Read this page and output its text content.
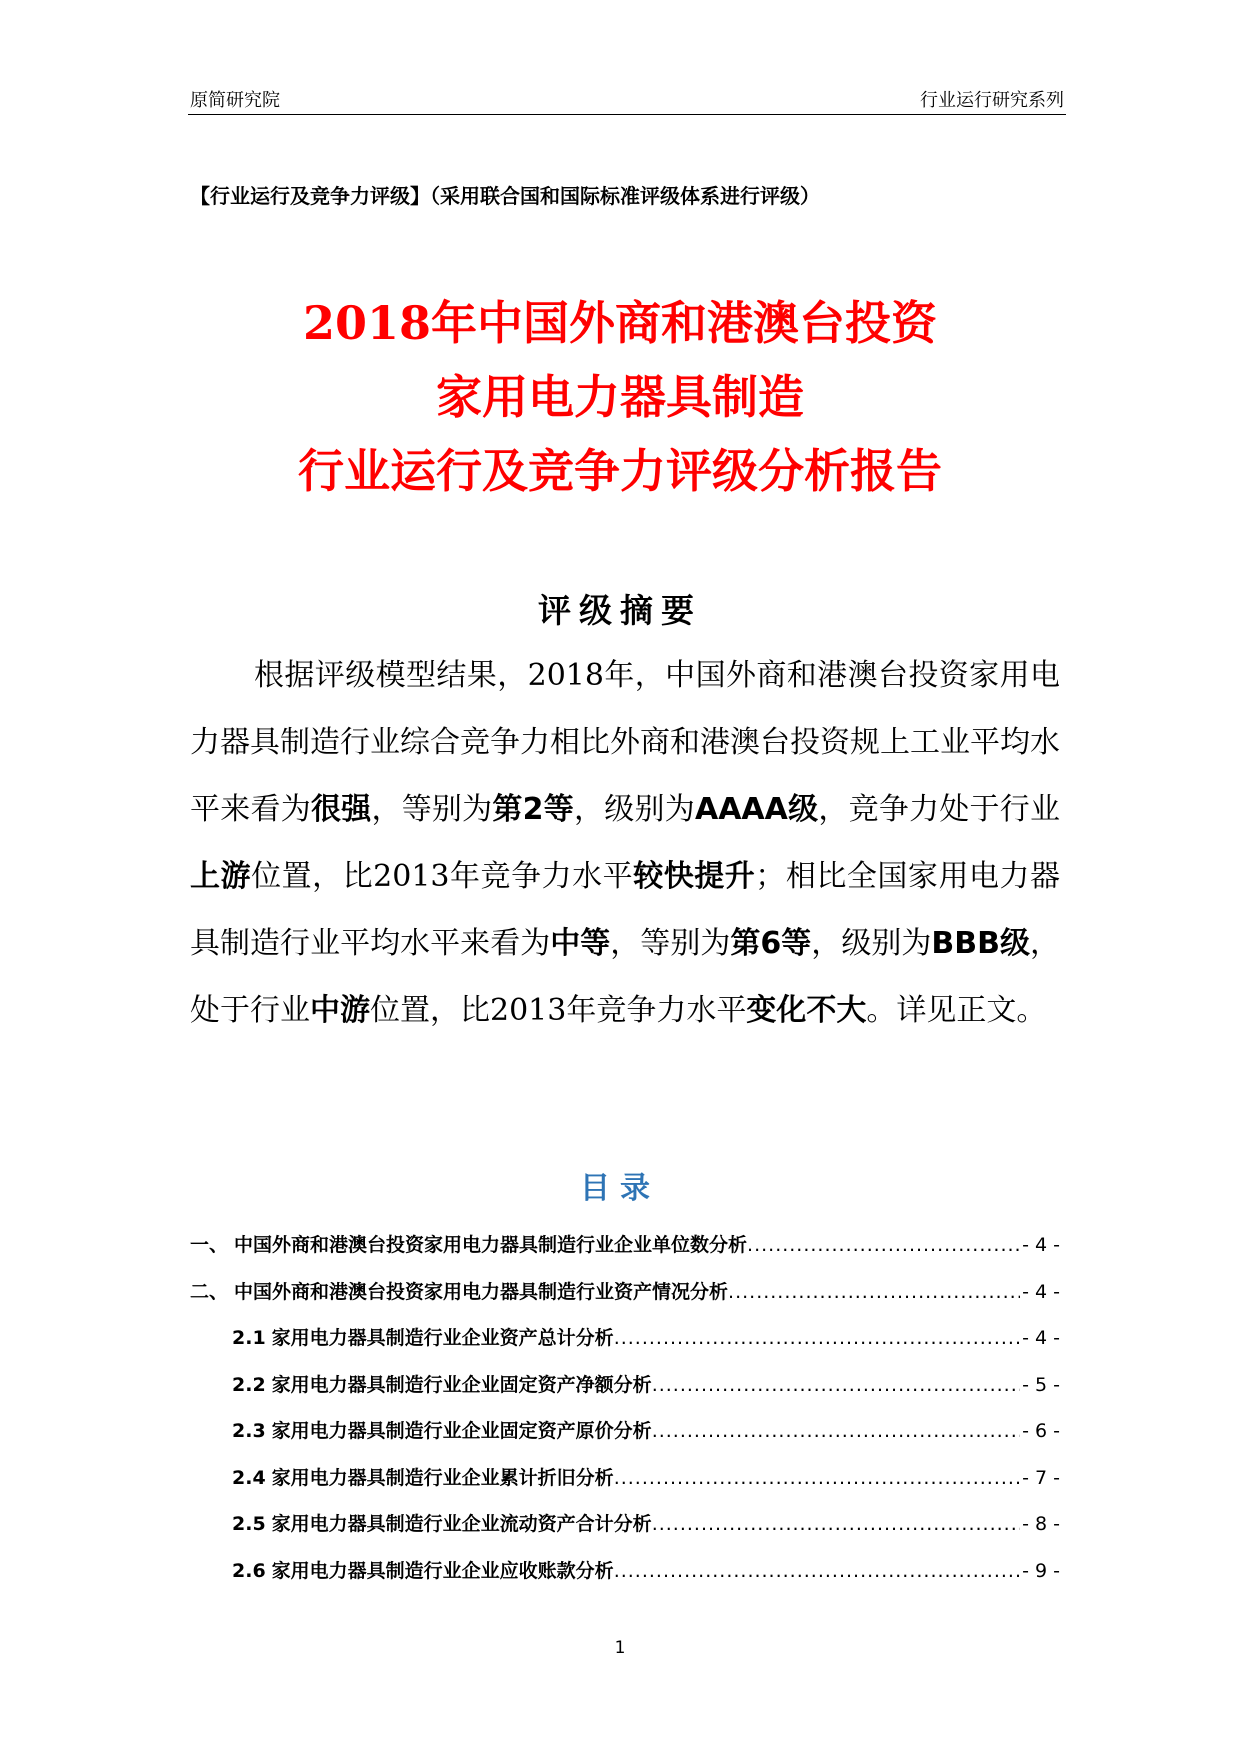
原简研究院	行业运行研究系列
【行业运行及竞争力评级】（采用联合国和国际标准评级体系进行评级）
2018年中国外商和港澳台投资
家用电力器具制造
行业运行及竞争力评级分析报告
评级摘要

根据评级模型结果，2018年，中国外商和港澳台投资家用电力器具制造行业综合竞争力相比外商和港澳台投资规上工业平均水平来看为很强，等别为第2等，级别为AAAA级，竞争力处于行业上游位置，比2013年竞争力水平较快提升；相比全国家用电力器具制造行业平均水平来看为中等，等别为第6等，级别为BBB级，处于行业中游位置，比2013年竞争力水平变化不大。详见正文。

目录
一、 中国外商和港澳台投资家用电力器具制造行业企业单位数分析 .....	- 4 -
二、 中国外商和港澳台投资家用电力器具制造行业资产情况分析 .....	- 4 -
2.1 家用电力器具制造行业企业资产总计分析 .....	- 4 -
2.2 家用电力器具制造行业企业固定资产净额分析 .....	- 5 -
2.3 家用电力器具制造行业企业固定资产原价分析 .....	- 6 -
2.4 家用电力器具制造行业企业累计折旧分析 .....	- 7 -
2.5 家用电力器具制造行业企业流动资产合计分析 .....	- 8 -
2.6 家用电力器具制造行业企业应收账款分析 .....	- 9 -
1
